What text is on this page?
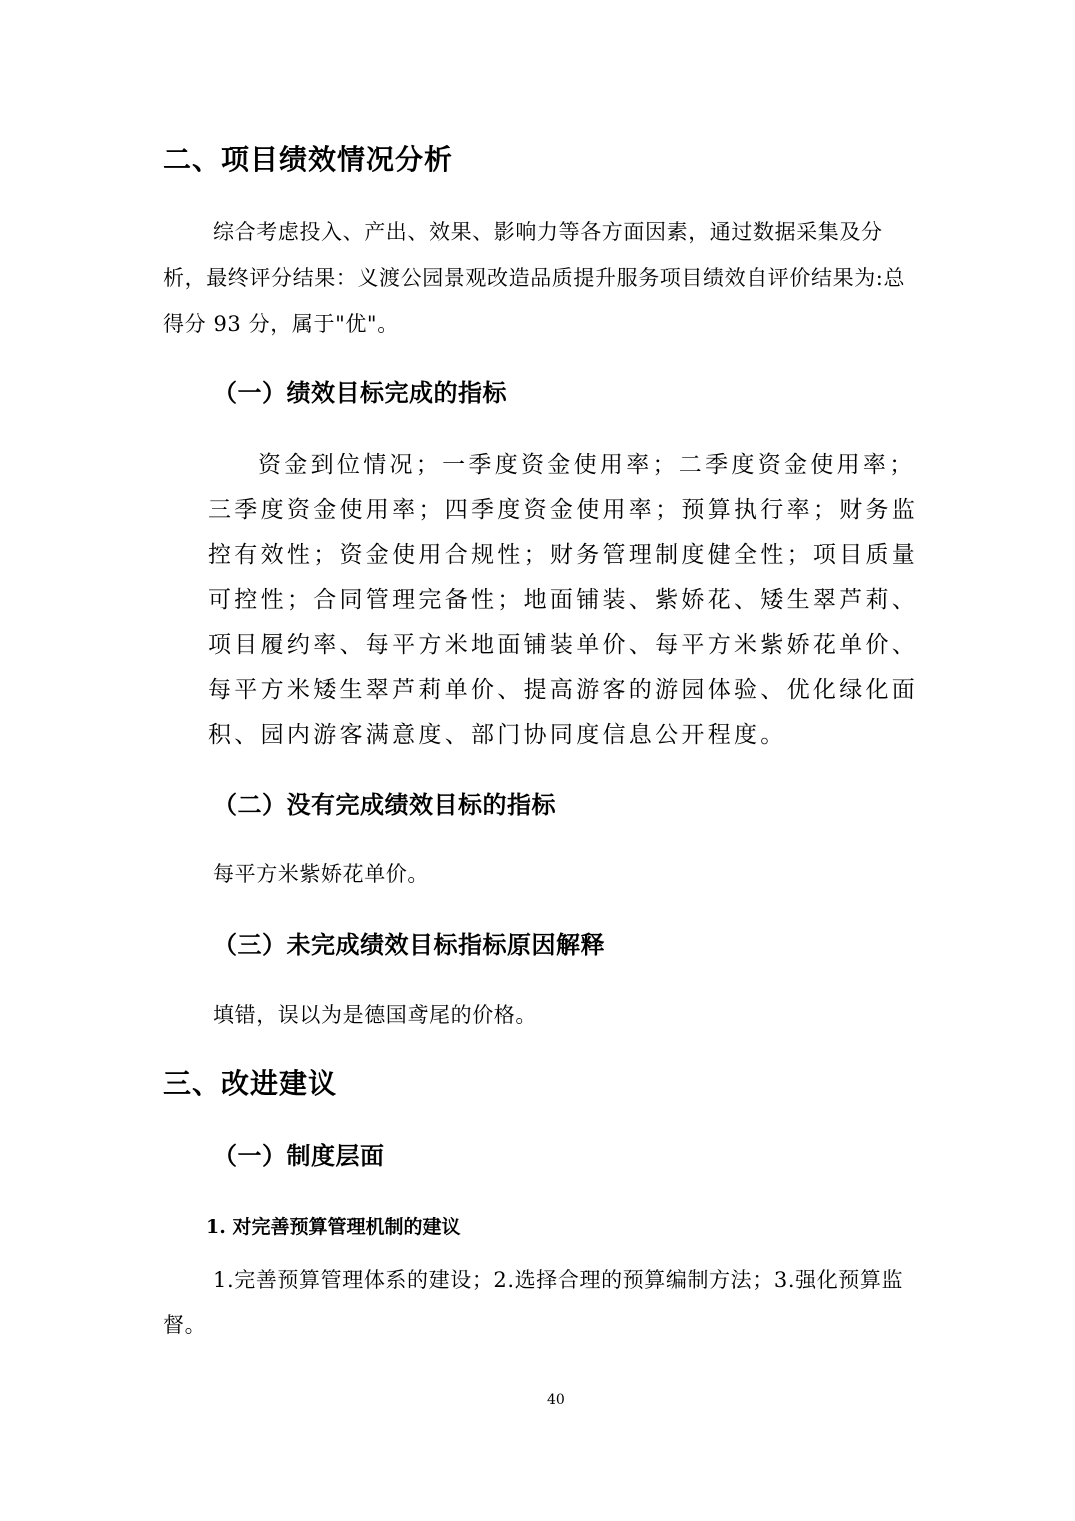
二、项目绩效情况分析

综合考虑投入、产出、效果、影响力等各方面因素，通过数据采集及分

析，最终评分结果：义渡公园景观改造品质提升服务项目绩效自评价结果为:总

得分 93 分，属于"优"。

（一）绩效目标完成的指标

资金到位情况；一季度资金使用率；二季度资金使用率；

三季度资金使用率；四季度资金使用率；预算执行率；财务监

控有效性；资金使用合规性；财务管理制度健全性；项目质量

可控性；合同管理完备性；地面铺装、紫娇花、矮生翠芦莉、

项目履约率、每平方米地面铺装单价、每平方米紫娇花单价、

每平方米矮生翠芦莉单价、提高游客的游园体验、优化绿化面

积、园内游客满意度、部门协同度信息公开程度。

（二）没有完成绩效目标的指标

每平方米紫娇花单价。

（三）未完成绩效目标指标原因解释

填错，误以为是德国鸢尾的价格。

三、改进建议
（一）制度层面
1. 对完善预算管理机制的建议

1.完善预算管理体系的建设；2.选择合理的预算编制方法；3.强化预算监

督。

40
